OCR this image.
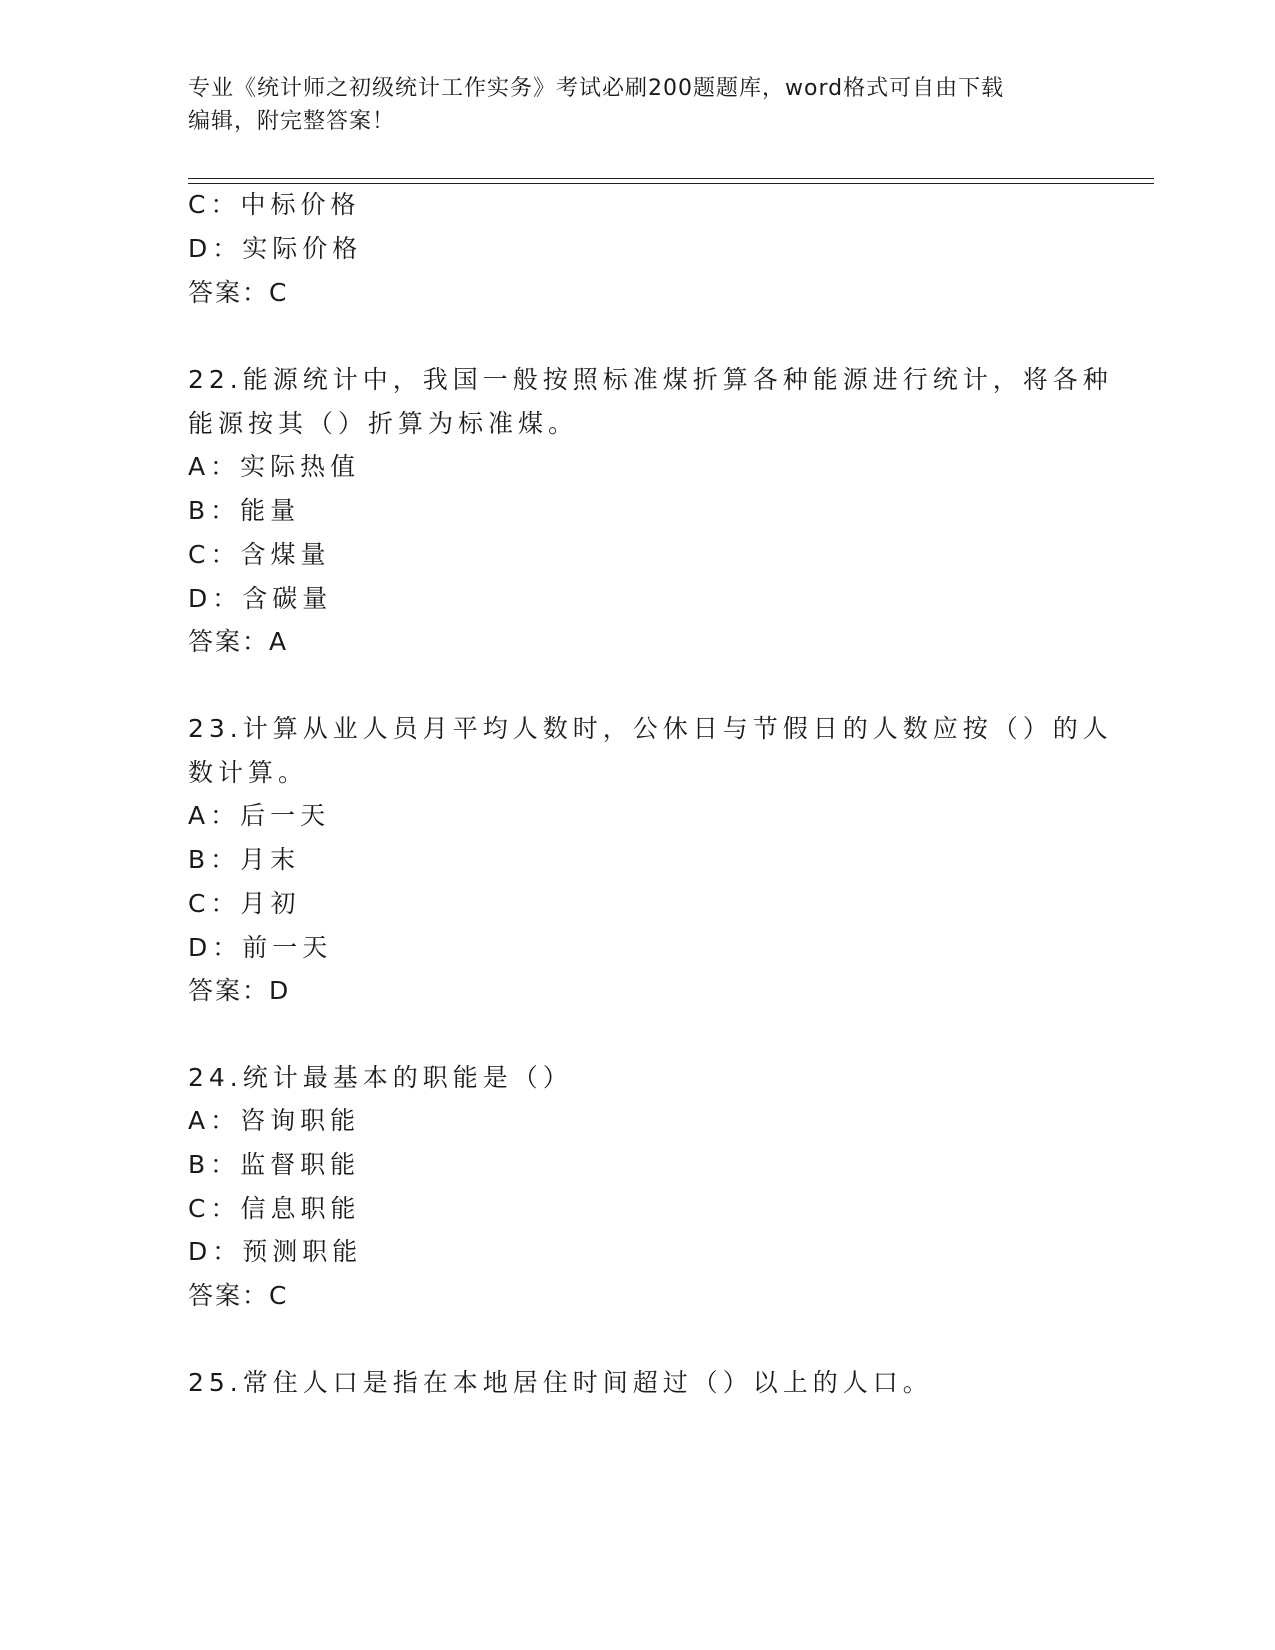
专业《统计师之初级统计工作实务》考试必刷200题题库，word格式可自由下载
编辑，附完整答案！
C：中标价格
D：实际价格
答案：C
22.能源统计中，我国一般按照标准煤折算各种能源进行统计，将各种
能源按其（）折算为标准煤。
A：实际热值
B：能量
C：含煤量
D：含碳量
答案：A
23.计算从业人员月平均人数时，公休日与节假日的人数应按（）的人
数计算。
A：后一天
B：月末
C：月初
D：前一天
答案：D
24.统计最基本的职能是（）
A：咨询职能
B：监督职能
C：信息职能
D：预测职能
答案：C
25.常住人口是指在本地居住时间超过（）以上的人口。
